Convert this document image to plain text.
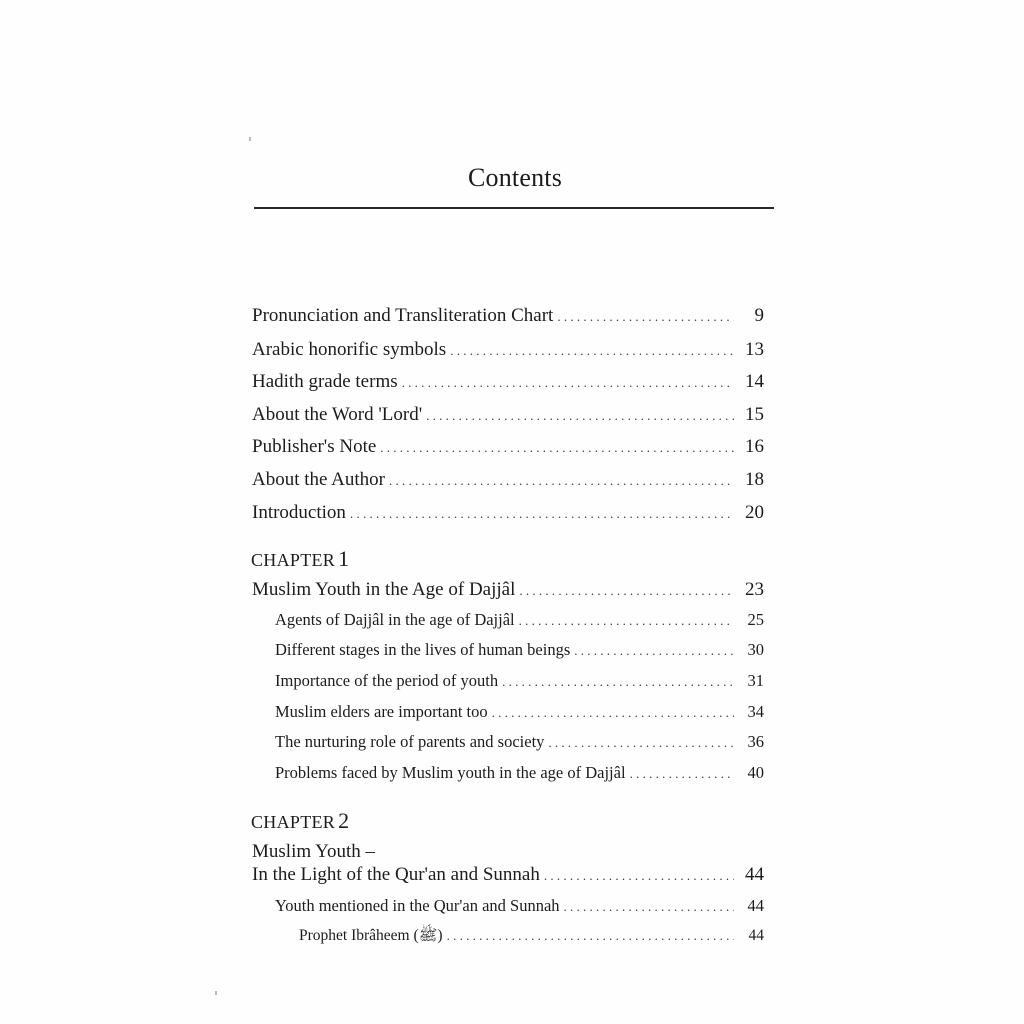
Contents
Pronunciation and Transliteration Chart . . .	9
Arabic honorific symbols . . .	13
Hadith grade terms . . .	14
About the Word 'Lord' . . .	15
Publisher's Note . . .	16
About the Author . . .	18
Introduction . . .	20
CHAPTER 1
Muslim Youth in the Age of Dajjâl . . .	23
Agents of Dajjâl in the age of Dajjâl . . .	25
Different stages in the lives of human beings . . .	30
Importance of the period of youth . . .	31
Muslim elders are important too . . .	34
The nurturing role of parents and society . . .	36
Problems faced by Muslim youth in the age of Dajjâl . . .	40
CHAPTER 2
Muslim Youth –
In the Light of the Qur'an and Sunnah . . .	44
Youth mentioned in the Qur'an and Sunnah . . .	44
Prophet Ibrâheem (ﷺ) . . .	44
